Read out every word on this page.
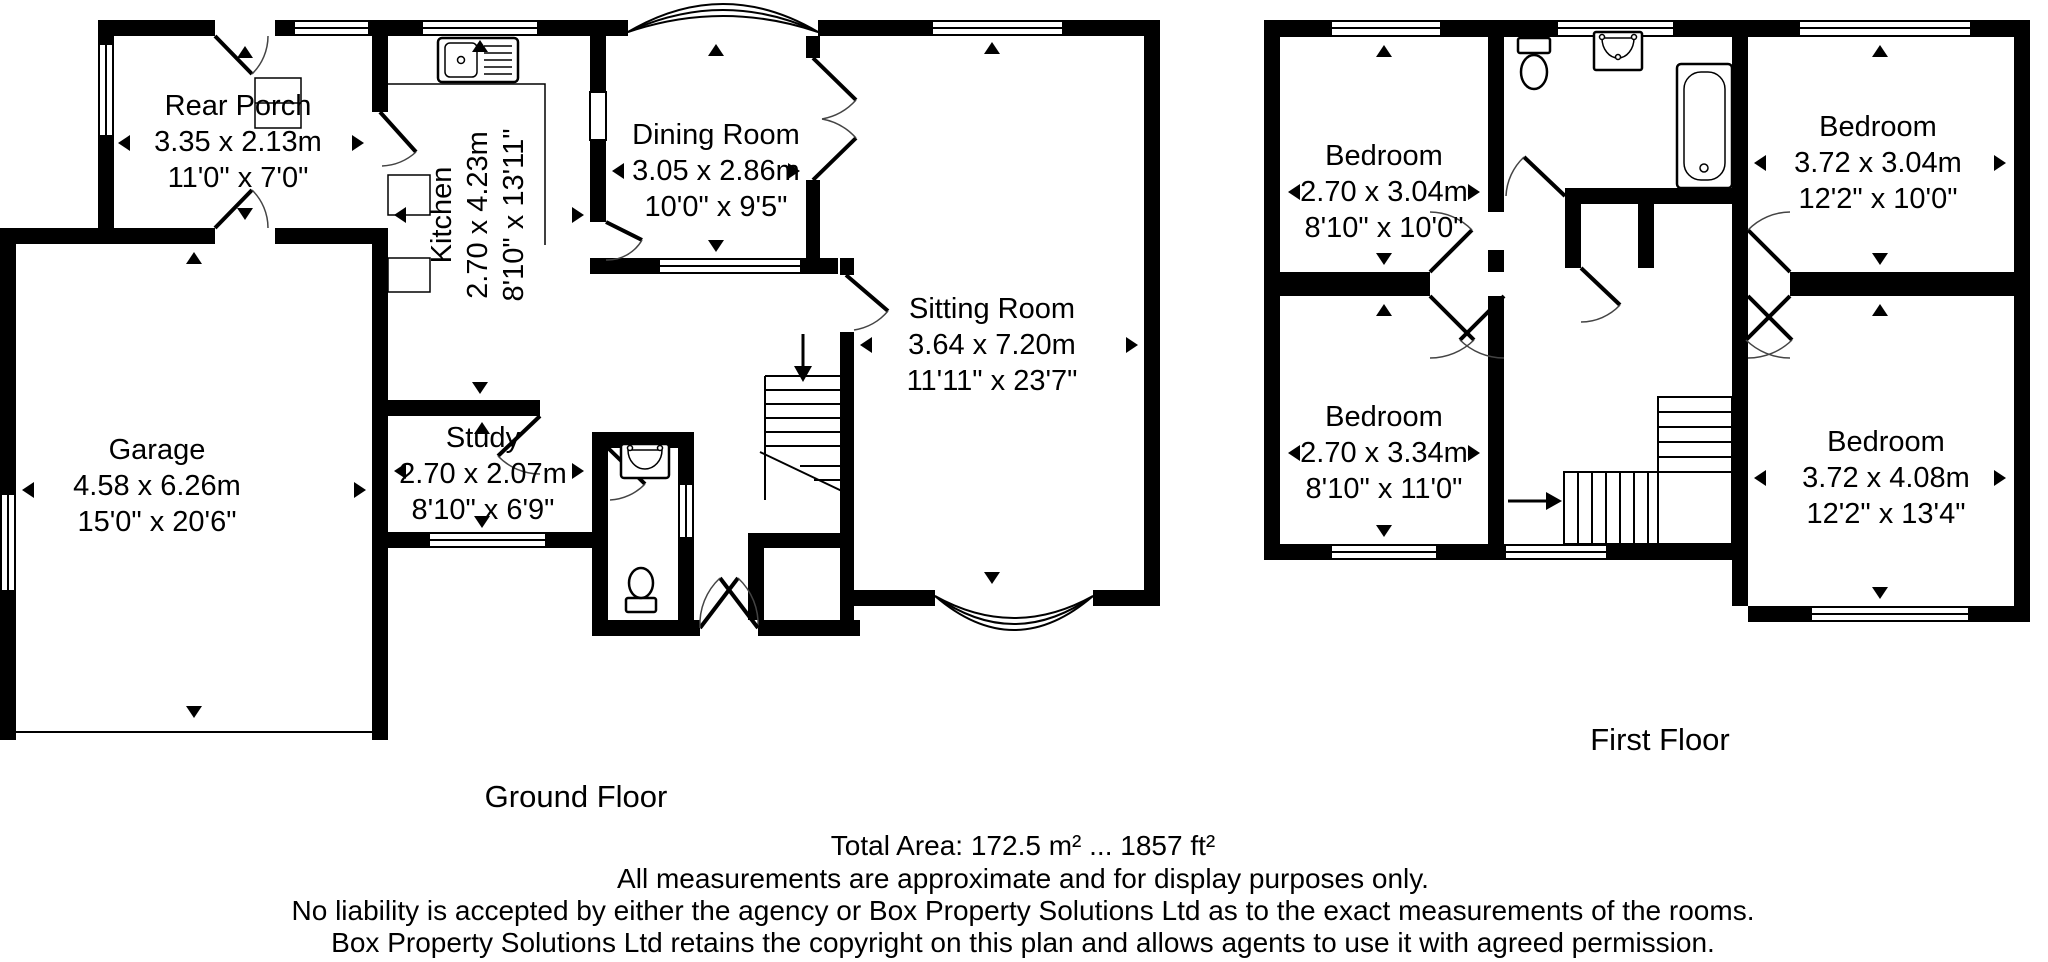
Rear Porch
3.35 x 2.13m
11'0" x 7'0"	Kitchen 2.70 x 4.23m 8'10" x 13'11"	Dining Room
3.05 x 2.86m
10'0" x 9'5"
Sitting Room
3.64 x 7.20m
11'11" x 23'7"
Garage
4.58 x 6.26m
15'0" x 20'6"
Study
2.70 x 2.07m
8'10" x 6'9"
Bedroom
2.70 x 3.04m
8'10" x 10'0"
Bedroom
3.72 x 3.04m
12'2" x 10'0"
Bedroom
2.70 x 3.34m
8'10" x 11'0"
Bedroom
3.72 x 4.08m
12'2" x 13'4"
Ground Floor
First Floor
Total Area: 172.5 m² ... 1857 ft²
All measurements are approximate and for display purposes only.
No liability is accepted by either the agency or Box Property Solutions Ltd as to the exact measurements of the rooms.
Box Property Solutions Ltd retains the copyright on this plan and allows agents to use it with agreed permission.
